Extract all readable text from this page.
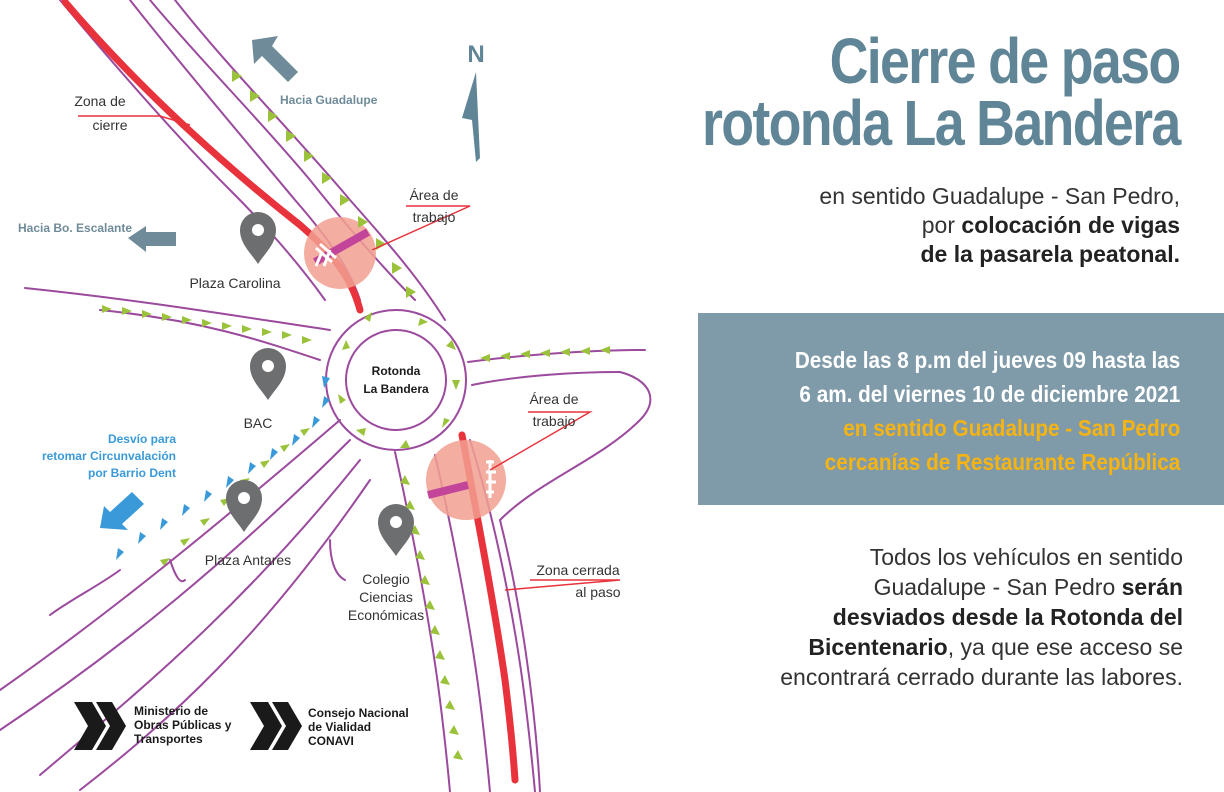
N
Zona de
cierre
Área de
trabajo
Área de
trabajo
Zona cerrada
al paso
Plaza Carolina
BAC
Plaza Antares
Colegio
Ciencias
Económicas
Rotonda
La Bandera
Hacia Guadalupe
Hacia Bo. Escalante
Desvío para
retomar Circunvalación
por Barrio Dent
Ministerio de
Obras Públicas y
Transportes
Consejo Nacional
de Vialidad
CONAVI
Cierre de paso
rotonda La Bandera
en sentido Guadalupe - San Pedro,
por colocación de vigas
de la pasarela peatonal.
Desde las 8 p.m del jueves 09 hasta las
6 am. del viernes 10 de diciembre 2021
en sentido Guadalupe - San Pedro
cercanías de Restaurante República
Todos los vehículos en sentido
Guadalupe - San Pedro serán
desviados desde la Rotonda del
Bicentenario, ya que ese acceso se
encontrará cerrado durante las labores.
